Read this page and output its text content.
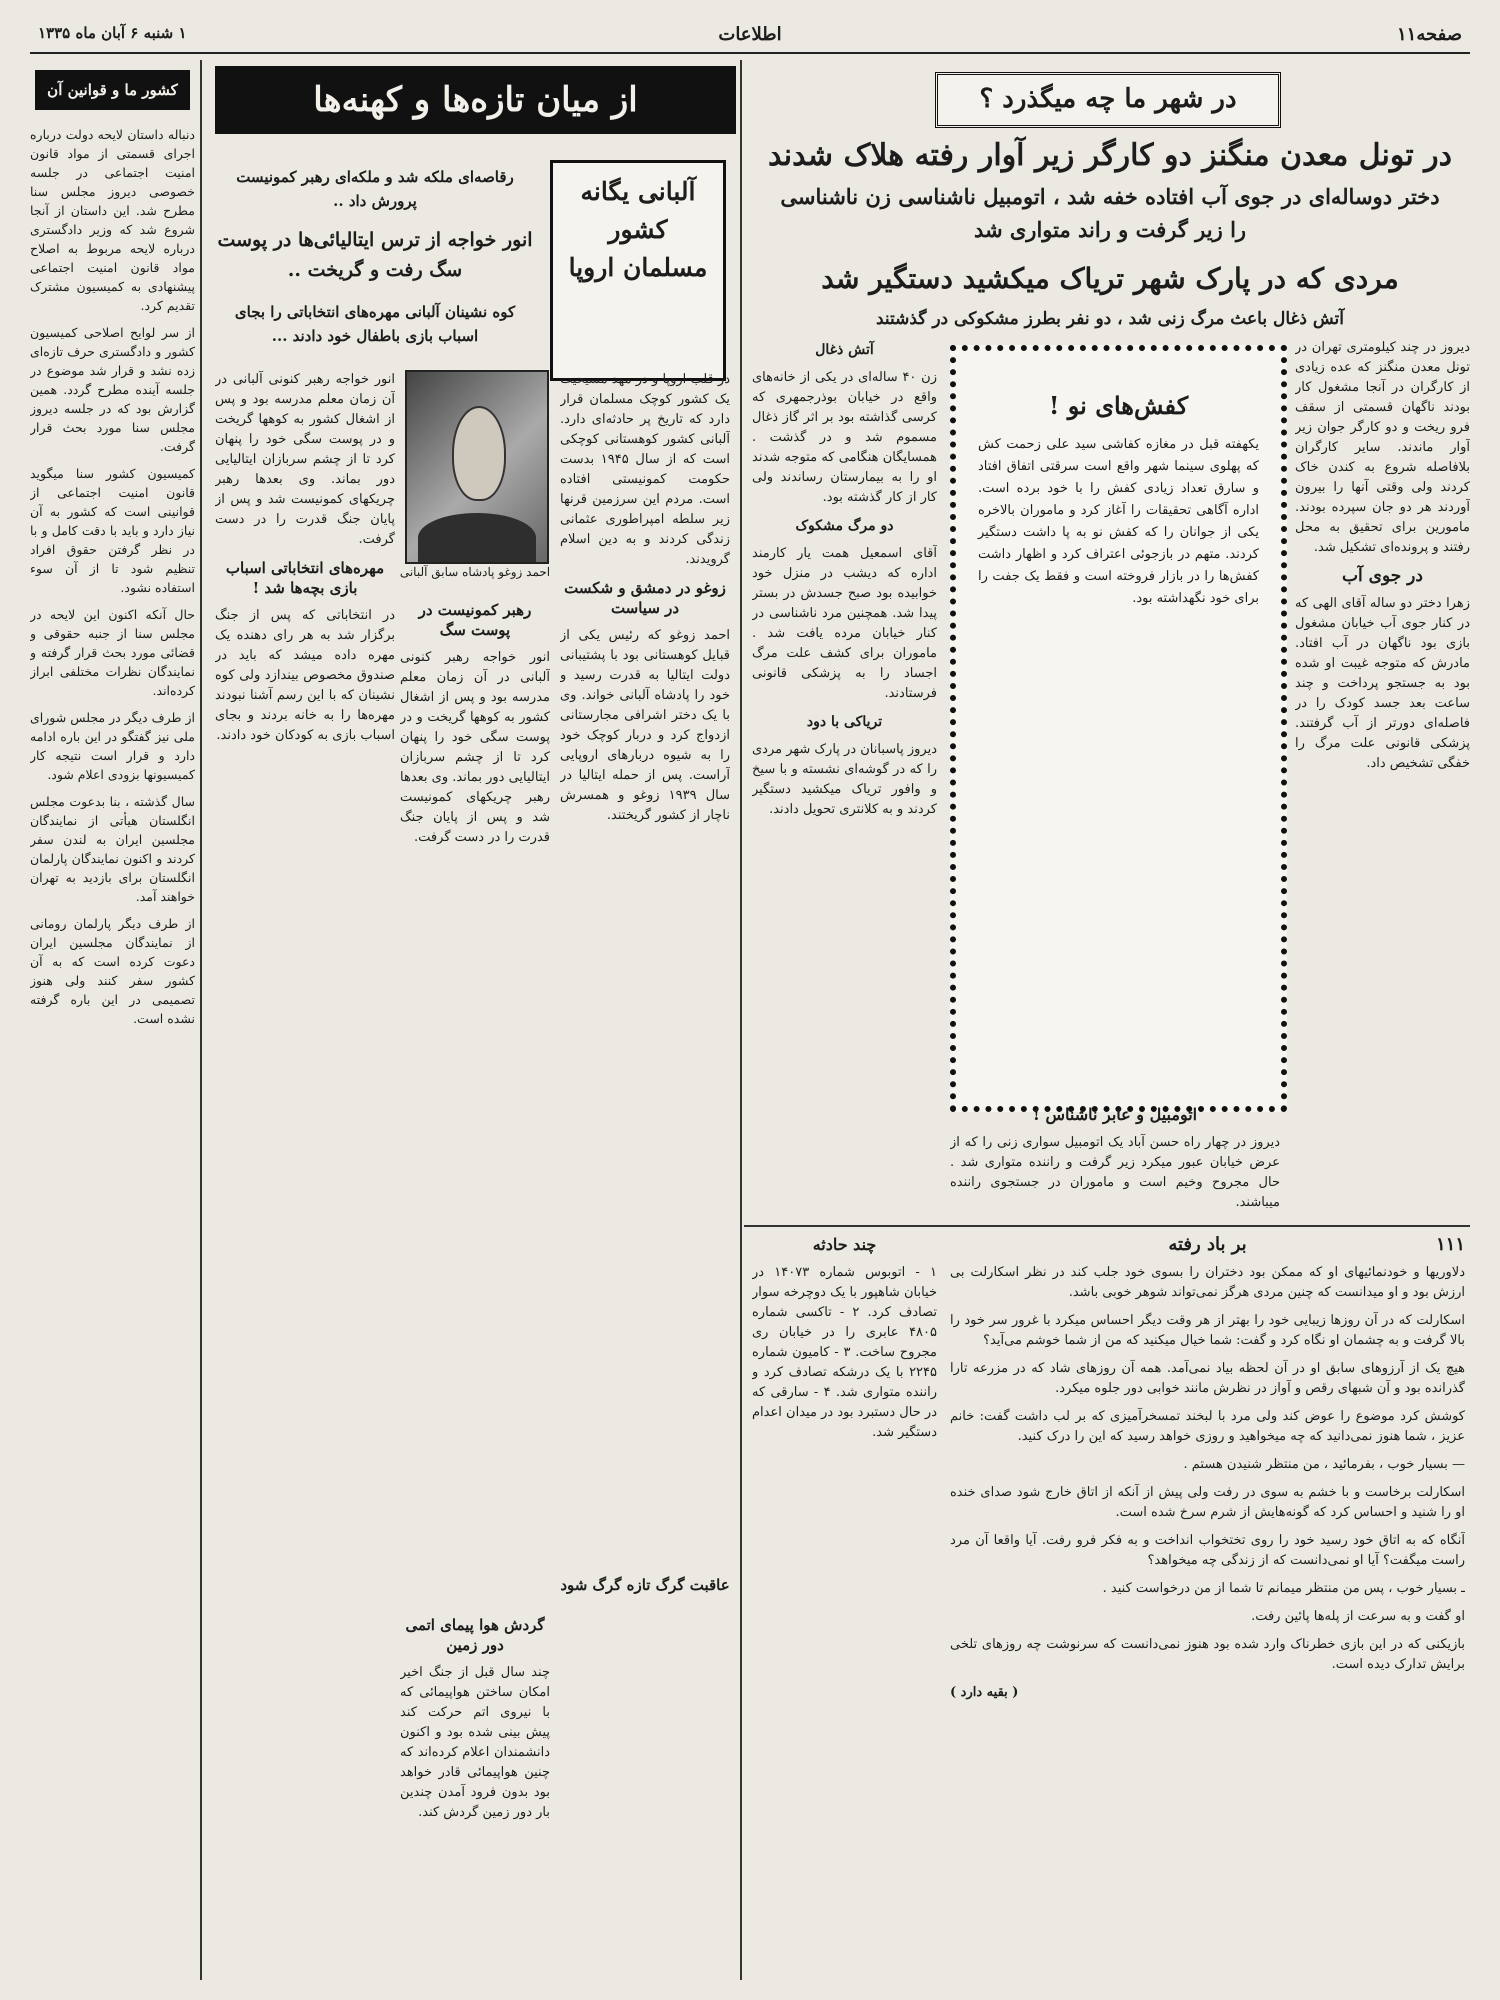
صفحه۱۱
اطلاعات
۱ شنبه ۶ آبان ماه ۱۳۳۵
در شهر ما چه میگذرد ؟
در تونل معدن منگنز دو کارگر زیر آوار رفته هلاک شدند
دختر دوساله‌ای در جوی آب افتاده خفه شد ، اتومبیل ناشناسی زن ناشناسی
را زیر گرفت و راند متواری شد
مردی که در پارک شهر تریاک میکشید دستگیر شد
آتش ذغال باعث مرگ زنی شد ، دو نفر بطرز مشکوکی در گذشتند

دیروز در چند کیلومتری تهران در تونل معدن منگنز که عده زیادی از کارگران در آنجا مشغول کار بودند ناگهان قسمتی از سقف فرو ریخت و دو کارگر جوان زیر آوار ماندند. سایر کارگران بلافاصله شروع به کندن خاک کردند ولی وقتی آنها را بیرون آوردند هر دو جان سپرده بودند. مامورین برای تحقیق به محل رفتند و پرونده‌ای تشکیل شد.

در جوی آب

زهرا دختر دو ساله آقای الهی که در کنار جوی آب خیابان مشغول بازی بود ناگهان در آب افتاد. مادرش که متوجه غیبت او شده بود به جستجو پرداخت و چند ساعت بعد جسد کودک را در فاصله‌ای دورتر از آب گرفتند. پزشکی قانونی علت مرگ را خفگی تشخیص داد.

کفش‌های نو !
یکهفته قبل در مغازه کفاشی سید علی زحمت کش که پهلوی سینما شهر واقع است سرقتی اتفاق افتاد و سارق تعداد زیادی کفش را با خود برده است. اداره آگاهی تحقیقات را آغاز کرد و ماموران بالاخره یکی از جوانان را که کفش نو به پا داشت دستگیر کردند. متهم در بازجوئی اعتراف کرد و اظهار داشت کفش‌ها را در بازار فروخته است و فقط یک جفت را برای خود نگهداشته بود.

اتومبیل و عابر ناشناس !

دیروز در چهار راه حسن آباد یک اتومبیل سواری زنی را که از عرض خیابان عبور میکرد زیر گرفت و راننده متواری شد . حال مجروح وخیم است و ماموران در جستجوی راننده میباشند.

آتش ذغال

زن ۴۰ ساله‌ای در یکی از خانه‌های واقع در خیابان بوذرجمهری که کرسی گذاشته بود بر اثر گاز ذغال مسموم شد و در گذشت . همسایگان هنگامی که متوجه شدند او را به بیمارستان رساندند ولی کار از کار گذشته بود.

دو مرگ مشکوک

آقای اسمعیل همت یار کارمند اداره که دیشب در منزل خود خوابیده بود صبح جسدش در بستر پیدا شد. همچنین مرد ناشناسی در کنار خیابان مرده یافت شد . ماموران برای کشف علت مرگ اجساد را به پزشکی قانونی فرستادند.

تریاکی با دود

دیروز پاسبانان در پارک شهر مردی را که در گوشه‌ای نشسته و با سیخ و وافور تریاک میکشید دستگیر کردند و به کلانتری تحویل دادند.

چند حادثه

۱ - اتوبوس شماره ۱۴۰۷۳ در خیابان شاهپور با یک دوچرخه سوار تصادف کرد. ۲ - تاکسی شماره ۴۸۰۵ عابری را در خیابان ری مجروح ساخت. ۳ - کامیون شماره ۲۲۴۵ با یک درشکه تصادف کرد و راننده متواری شد. ۴ - سارقی که در حال دستبرد بود در میدان اعدام دستگیر شد.

۱۱۱
بر باد رفته

دلاوریها و خودنمائیهای او که ممکن بود دختران را بسوی خود جلب کند در نظر اسکارلت بی ارزش بود و او میدانست که چنین مردی هرگز نمی‌تواند شوهر خوبی باشد.

اسکارلت که در آن روزها زیبایی خود را بهتر از هر وقت دیگر احساس میکرد با غرور سر خود را بالا گرفت و به چشمان او نگاه کرد و گفت: شما خیال میکنید که من از شما خوشم می‌آید؟

هیچ یک از آرزوهای سابق او در آن لحظه بیاد نمی‌آمد. همه آن روزهای شاد که در مزرعه تارا گذرانده بود و آن شبهای رقص و آواز در نظرش مانند خوابی دور جلوه میکرد.

کوشش کرد موضوع را عوض کند ولی مرد با لبخند تمسخرآمیزی که بر لب داشت گفت: خانم عزیز ، شما هنوز نمی‌دانید که چه میخواهید و روزی خواهد رسید که این را درک کنید.

— بسیار خوب ، بفرمائید ، من منتظر شنیدن هستم .

اسکارلت برخاست و با خشم به سوی در رفت ولی پیش از آنکه از اتاق خارج شود صدای خنده او را شنید و احساس کرد که گونه‌هایش از شرم سرخ شده است.

آنگاه که به اتاق خود رسید خود را روی تختخواب انداخت و به فکر فرو رفت. آیا واقعا آن مرد راست میگفت؟ آیا او نمی‌دانست که از زندگی چه میخواهد؟

ـ بسیار خوب ، پس من منتظر میمانم تا شما از من درخواست کنید .

او گفت و به سرعت از پله‌ها پائین رفت.

بازیکنی که در این بازی خطرناک وارد شده بود هنوز نمی‌دانست که سرنوشت چه روزهای تلخی برایش تدارک دیده است.

( بقیه دارد )

از میان تازه‌ها و کهنه‌ها
آلبانی یگانه کشور مسلمان اروپا
رقاصه‌ای ملکه شد و ملکه‌ای رهبر کمونیست پرورش داد ..
انور خواجه از ترس ایتالیائی‌ها در پوست سگ رفت و گریخت ..
کوه نشینان آلبانی مهره‌های انتخاباتی را بجای اسباب بازی باطفال خود دادند ...
احمد زوغو پادشاه سابق آلبانی

در قلب اروپا و در مهد مسیحیت یک کشور کوچک مسلمان قرار دارد که تاریخ پر حادثه‌ای دارد. آلبانی کشور کوهستانی کوچکی است که از سال ۱۹۴۵ بدست حکومت کمونیستی افتاده است. مردم این سرزمین قرنها زیر سلطه امپراطوری عثمانی زندگی کردند و به دین اسلام گرویدند.

زوغو در دمشق و شکست در سیاست

احمد زوغو که رئیس یکی از قبایل کوهستانی بود با پشتیبانی دولت ایتالیا به قدرت رسید و خود را پادشاه آلبانی خواند. وی با یک دختر اشرافی مجارستانی ازدواج کرد و دربار کوچک خود را به شیوه دربارهای اروپایی آراست. پس از حمله ایتالیا در سال ۱۹۳۹ زوغو و همسرش ناچار از کشور گریختند.

انور خواجه رهبر کنونی آلبانی در آن زمان معلم مدرسه بود و پس از اشغال کشور به کوهها گریخت و در پوست سگی خود را پنهان کرد تا از چشم سربازان ایتالیایی دور بماند. وی بعدها رهبر چریکهای کمونیست شد و پس از پایان جنگ قدرت را در دست گرفت.

مهره‌های انتخاباتی اسباب بازی بچه‌ها شد !

در انتخاباتی که پس از جنگ برگزار شد به هر رای دهنده یک مهره داده میشد که باید در صندوق مخصوص بیندازد ولی کوه نشینان که با این رسم آشنا نبودند مهره‌ها را به خانه بردند و بجای اسباب بازی به کودکان خود دادند.

رهبر کمونیست در پوست سگ

انور خواجه رهبر کنونی آلبانی در آن زمان معلم مدرسه بود و پس از اشغال کشور به کوهها گریخت و در پوست سگی خود را پنهان کرد تا از چشم سربازان ایتالیایی دور بماند. وی بعدها رهبر چریکهای کمونیست شد و پس از پایان جنگ قدرت را در دست گرفت.

عاقبت گرگ تازه گرگ شود

گردش هوا پیمای اتمی دور زمین

چند سال قبل از جنگ اخیر امکان ساختن هواپیمائی که با نیروی اتم حرکت کند پیش بینی شده بود و اکنون دانشمندان اعلام کرده‌اند که چنین هواپیمائی قادر خواهد بود بدون فرود آمدن چندین بار دور زمین گردش کند.

کشور ما و قوانین آن

دنباله داستان لایحه دولت درباره اجرای قسمتی از مواد قانون امنیت اجتماعی در جلسه خصوصی دیروز مجلس سنا مطرح شد. این داستان از آنجا شروع شد که وزیر دادگستری درباره لایحه مربوط به اصلاح مواد قانون امنیت اجتماعی پیشنهادی به کمیسیون مشترک تقدیم کرد.

از سر لوایح اصلاحی کمیسیون کشور و دادگستری حرف تازه‌ای زده نشد و قرار شد موضوع در جلسه آینده مطرح گردد. همین گزارش بود که در جلسه دیروز مجلس سنا مورد بحث قرار گرفت.

کمیسیون کشور سنا میگوید قانون امنیت اجتماعی از قوانینی است که کشور به آن نیاز دارد و باید با دقت کامل و با در نظر گرفتن حقوق افراد تنظیم شود تا از آن سوء استفاده نشود.

حال آنکه اکنون این لایحه در مجلس سنا از جنبه حقوقی و قضائی مورد بحث قرار گرفته و نمایندگان نظرات مختلفی ابراز کرده‌اند.

از طرف دیگر در مجلس شورای ملی نیز گفتگو در این باره ادامه دارد و قرار است نتیجه کار کمیسیونها بزودی اعلام شود.

سال گذشته ، بنا بدعوت مجلس انگلستان هیأتی از نمایندگان مجلسین ایران به لندن سفر کردند و اکنون نمایندگان پارلمان انگلستان برای بازدید به تهران خواهند آمد.

از طرف دیگر پارلمان رومانی از نمایندگان مجلسین ایران دعوت کرده است که به آن کشور سفر کنند ولی هنوز تصمیمی در این باره گرفته نشده است.
